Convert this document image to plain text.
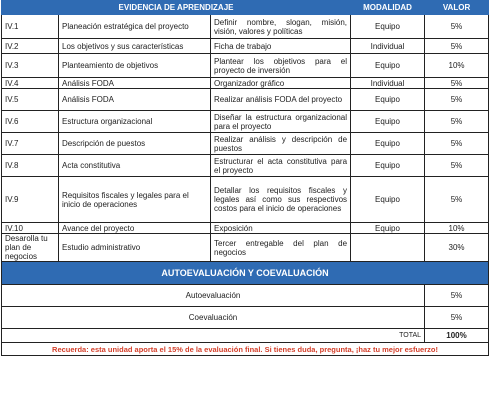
EVIDENCIA DE APRENDIZAJE			MODALIDAD	VALOR
IV.1	Planeación estratégica del proyecto	Definir nombre, slogan, misión, visión, valores y políticas	Equipo	5%
IV.2	Los objetivos y sus características	Ficha de trabajo	Individual	5%
IV.3	Planteamiento de objetivos	Plantear los objetivos para el proyecto de inversión	Equipo	10%
IV.4	Análisis FODA	Organizador gráfico	Individual	5%
IV.5	Análisis FODA	Realizar análisis FODA del proyecto	Equipo	5%
IV.6	Estructura organizacional	Diseñar la estructura organizacional para el proyecto	Equipo	5%
IV.7	Descripción de puestos	Realizar análisis y descripción de puestos	Equipo	5%
IV.8	Acta constitutiva	Estructurar el acta constitutiva para el proyecto	Equipo	5%
IV.9	Requisitos fiscales y legales para el inicio de operaciones	Detallar los requisitos fiscales y legales así como sus respectivos costos para el inicio de operaciones	Equipo	5%
IV.10	Avance del proyecto	Exposición	Equipo	10%
Desarolla tu plan de negocios	Estudio administrativo	Tercer entregable del plan de negocios		30%
AUTOEVALUACIÓN Y COEVALUACIÓN				
Autoevaluación				5%
Coevaluación				5%
TOTAL				100%
Recuerda: esta unidad aporta el 15% de la evaluación final. Si tienes duda, pregunta, ¡haz tu mejor esfuerzo!				
